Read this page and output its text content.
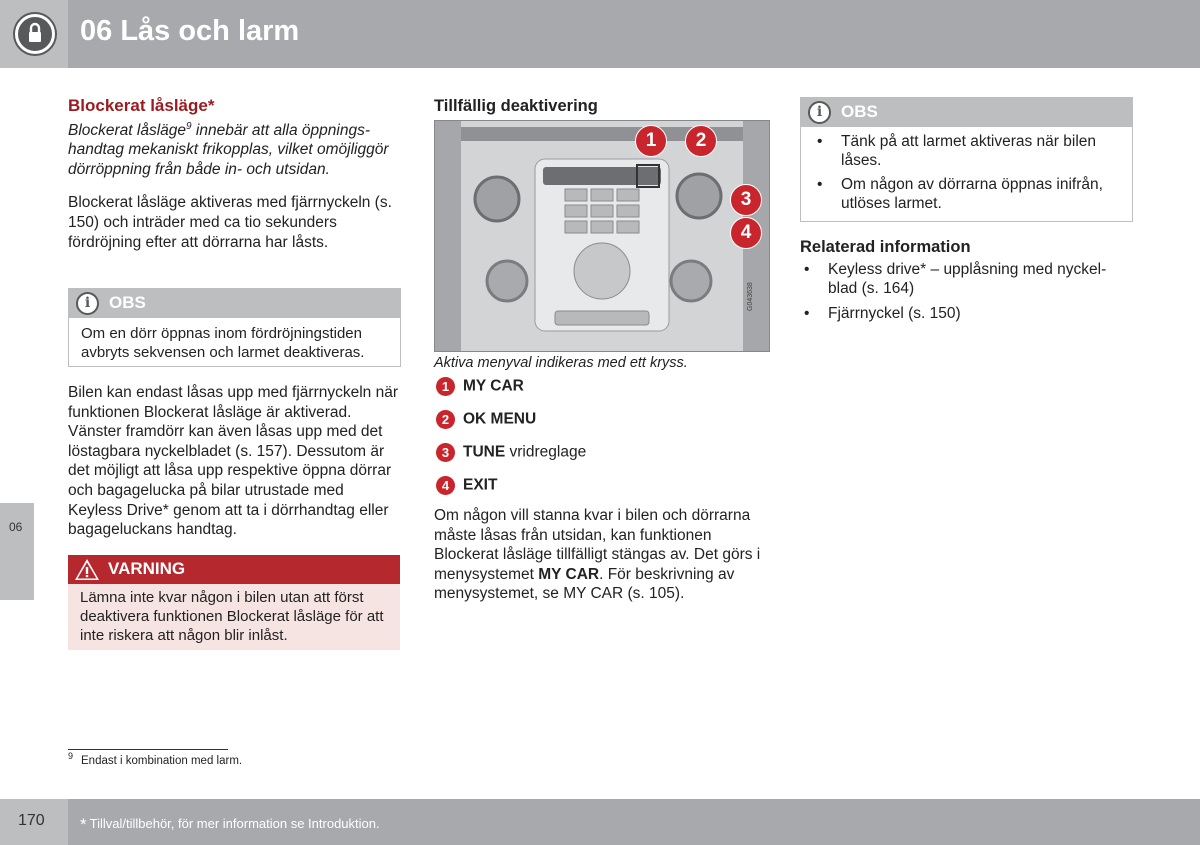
06 Lås och larm
06
Blockerat låsläge*

Blockerat låsläge$^9$ innebär att alla öppningshandtag mekaniskt frikopplas, vilket omöjliggör dörröppning från både in- och utsidan.

Blockerat låsläge aktiveras med fjärrnyckeln (s. 150) och inträder med ca tio sekunders fördröjning efter att dörrarna har låsts.

i	OBS
Om en dörr öppnas inom fördröjningstiden avbryts sekvensen och larmet deaktiveras.

Bilen kan endast låsas upp med fjärrnyckeln när funktionen Blockerat låsläge är aktiverad. Vänster framdörr kan även låsas upp med det löstagbara nyckelbladet (s. 157). Dessutom är det möjligt att låsa upp respektive öppna dörrar och bagagelucka på bilar utrustade med Keyless Drive* genom att ta i dörrhandtag eller bagageluckans handtag.

VARNING
Lämna inte kvar någon i bilen utan att först deaktivera funktionen Blockerat låsläge för att inte riskera att någon blir inlåst.
Tillfällig deaktivering
1	2
3
4
G043638
Aktiva menyval indikeras med ett kryss.
1 MY CAR
2 OK MENU
3 TUNE vridreglage
4 EXIT

Om någon vill stanna kvar i bilen och dörrarna måste låsas från utsidan, kan funktionen Blockerat låsläge tillfälligt stängas av. Det görs i menysystemet MY CAR. För beskrivning av menysystemet, se MY CAR (s. 105).

i	OBS
• Tänk på att larmet aktiveras när bilen låses.
• Om någon av dörrarna öppnas inifrån, utlöses larmet.
Relaterad information
• Keyless drive* – upplåsning med nyckelblad (s. 164)
• Fjärrnyckel (s. 150)
$^9$ Endast i kombination med larm.
170 * Tillval/tillbehör, för mer information se Introduktion.
